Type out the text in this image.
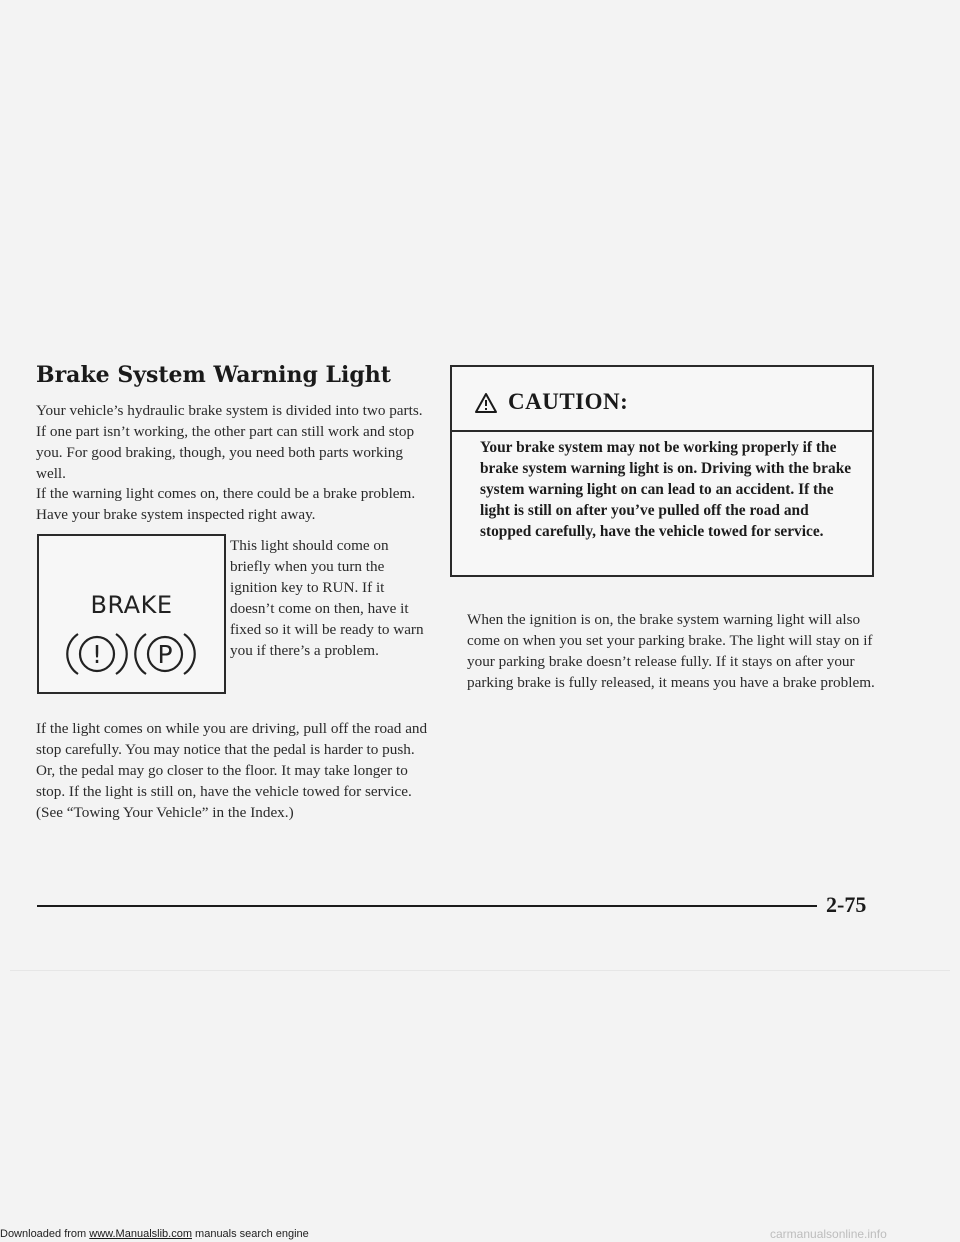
Brake System Warning Light

Your vehicle’s hydraulic brake system is divided into two parts. If one part isn’t working, the other part can still work and stop you. For good braking, though, you need both parts working well.

If the warning light comes on, there could be a brake problem. Have your brake system inspected right away.

BRAKE
! P

This light should come on briefly when you turn the ignition key to RUN. If it doesn’t come on then, have it fixed so it will be ready to warn you if there’s a problem.

If the light comes on while you are driving, pull off the road and stop carefully. You may notice that the pedal is harder to push. Or, the pedal may go closer to the floor. It may take longer to stop. If the light is still on, have the vehicle towed for service. (See “Towing Your Vehicle” in the Index.)

CAUTION:

Your brake system may not be working properly if the brake system warning light is on. Driving with the brake system warning light on can lead to an accident. If the light is still on after you’ve pulled off the road and stopped carefully, have the vehicle towed for service.

When the ignition is on, the brake system warning light will also come on when you set your parking brake. The light will stay on if your parking brake doesn’t release fully. If it stays on after your parking brake is fully released, it means you have a brake problem.

2-75
Downloaded from www.Manualslib.com manuals search engine	carmanualsonline.info
